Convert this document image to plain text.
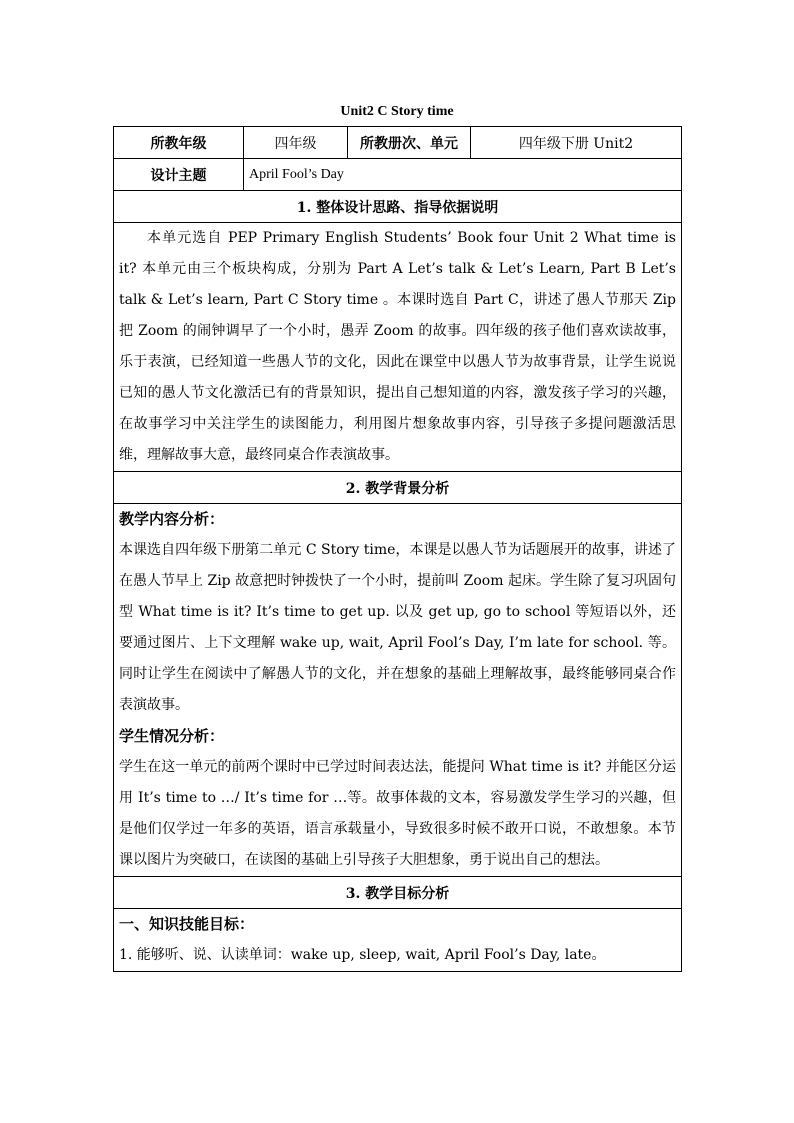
Unit2 C Story time
所教年级	四年级	所教册次、单元	四年级下册 Unit2
设计主题	April Fool’s Day		
1. 整体设计思路、指导依据说明			

本单元选自 PEP Primary English Students’ Book four Unit 2 What time is it? 本单元由三个板块构成，分别为 Part A Let’s talk & Let’s Learn, Part B Let’s talk & Let’s learn, Part C Story time 。本课时选自 Part C，讲述了愚人节那天 Zip 把 Zoom 的闹钟调早了一个小时，愚弄 Zoom 的故事。四年级的孩子他们喜欢读故事，乐于表演，已经知道一些愚人节的文化，因此在课堂中以愚人节为故事背景，让学生说说已知的愚人节文化激活已有的背景知识，提出自己想知道的内容，激发孩子学习的兴趣，在故事学习中关注学生的读图能力，利用图片想象故事内容，引导孩子多提问题激活思维，理解故事大意，最终同桌合作表演故事。			

2. 教学背景分析			

教学内容分析：

本课选自四年级下册第二单元 C Story time，本课是以愚人节为话题展开的故事，讲述了在愚人节早上 Zip 故意把时钟拨快了一个小时，提前叫 Zoom 起床。学生除了复习巩固句型 What time is it? It’s time to get up. 以及 get up, go to school 等短语以外，还要通过图片、上下文理解 wake up, wait, April Fool’s Day, I’m late for school. 等。同时让学生在阅读中了解愚人节的文化，并在想象的基础上理解故事，最终能够同桌合作表演故事。

学生情况分析：

学生在这一单元的前两个课时中已学过时间表达法，能提问 What time is it? 并能区分运用 It’s time to …/ It’s time for …等。故事体裁的文本，容易激发学生学习的兴趣，但是他们仅学过一年多的英语，语言承载量小，导致很多时候不敢开口说，不敢想象。本节课以图片为突破口，在读图的基础上引导孩子大胆想象，勇于说出自己的想法。			

3. 教学目标分析			

一、知识技能目标：

1. 能够听、说、认读单词：wake up, sleep, wait, April Fool’s Day, late。			
